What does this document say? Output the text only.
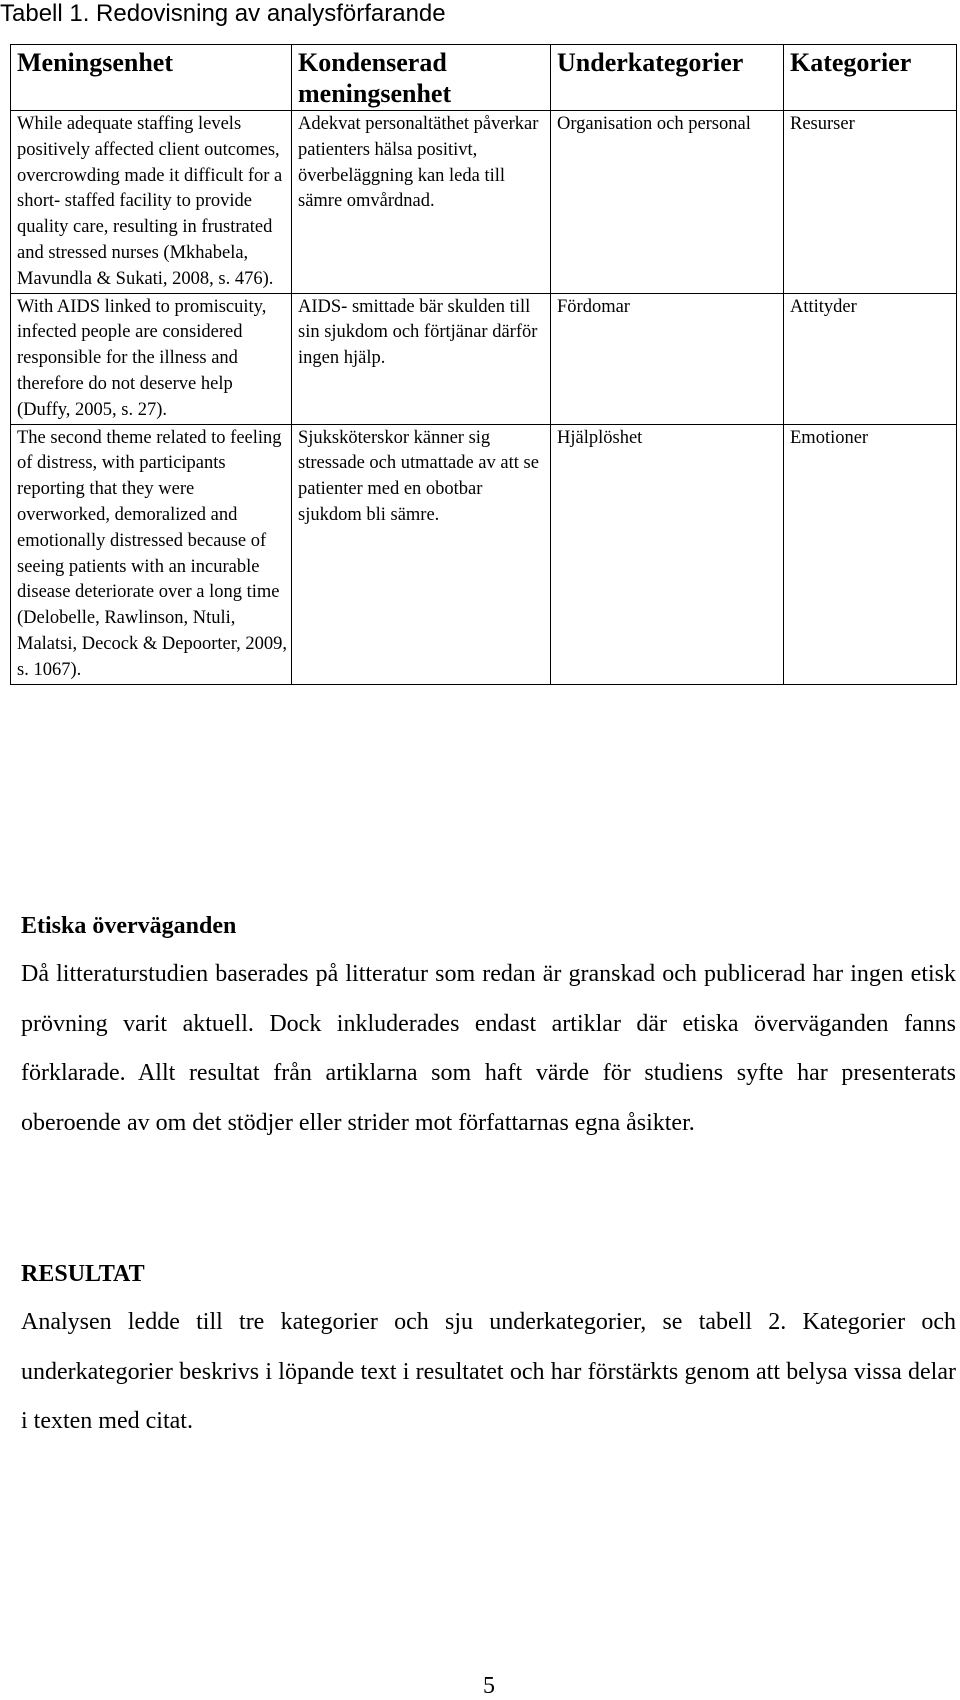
Tabell 1. Redovisning av analysförfarande
Meningsenhet	Kondenserad meningsenhet	Underkategorier	Kategorier
While adequate staffing levels positively affected client outcomes, overcrowding made it difficult for a short- staffed facility to provide quality care, resulting in frustrated and stressed nurses (Mkhabela, Mavundla & Sukati, 2008, s. 476).	Adekvat personaltäthet påverkar patienters hälsa positivt, överbeläggning kan leda till sämre omvårdnad.	Organisation och personal	Resurser
With AIDS linked to promiscuity, infected people are considered responsible for the illness and therefore do not deserve help (Duffy, 2005, s. 27).	AIDS- smittade bär skulden till sin sjukdom och förtjänar därför ingen hjälp.	Fördomar	Attityder
The second theme related to feeling of distress, with participants reporting that they were overworked, demoralized and emotionally distressed because of seeing patients with an incurable disease deteriorate over a long time (Delobelle, Rawlinson, Ntuli, Malatsi, Decock & Depoorter, 2009, s. 1067).	Sjuksköterskor känner sig stressade och utmattade av att se patienter med en obotbar sjukdom bli sämre.	Hjälplöshet	Emotioner
Etiska överväganden
Då litteraturstudien baserades på litteratur som redan är granskad och publicerad har ingen etisk prövning varit aktuell. Dock inkluderades endast artiklar där etiska överväganden fanns förklarade. Allt resultat från artiklarna som haft värde för studiens syfte har presenterats oberoende av om det stödjer eller strider mot författarnas egna åsikter.
RESULTAT
Analysen ledde till tre kategorier och sju underkategorier, se tabell 2. Kategorier och underkategorier beskrivs i löpande text i resultatet och har förstärkts genom att belysa vissa delar i texten med citat.
5
